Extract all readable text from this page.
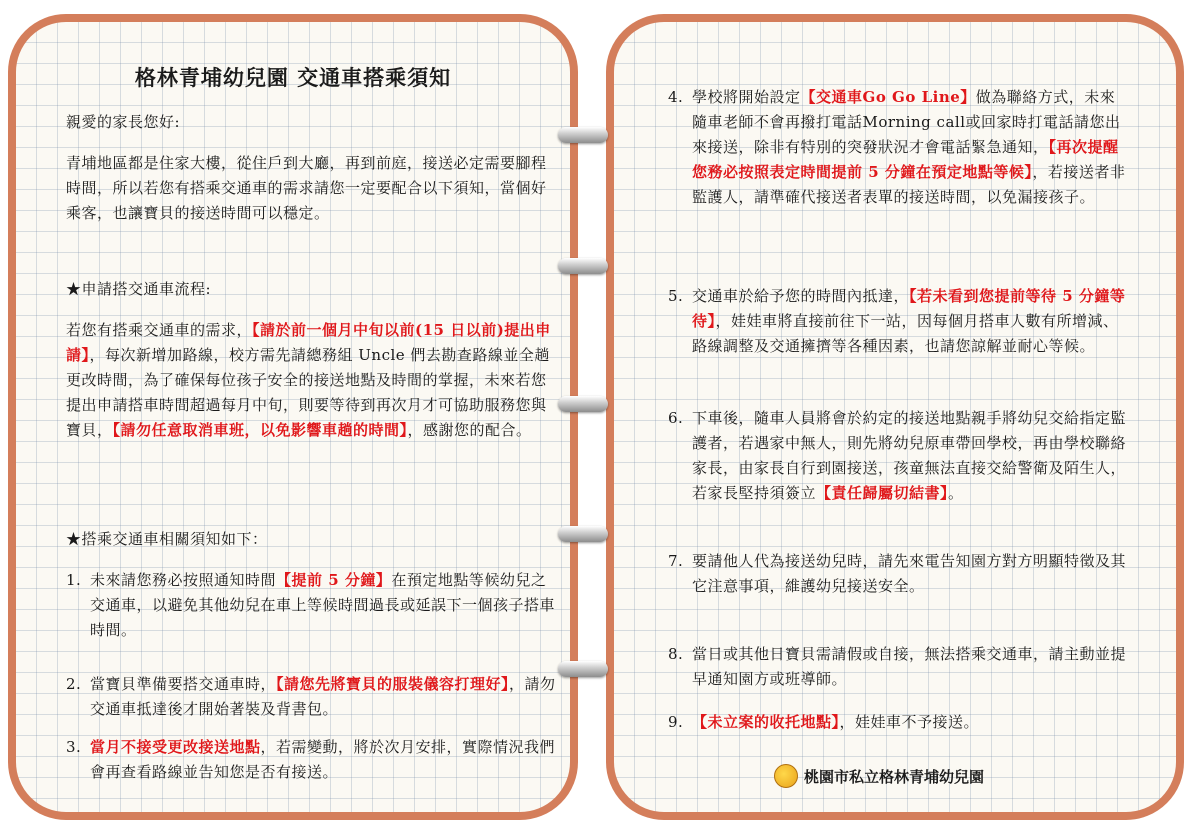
格林青埔幼兒園 交通車搭乘須知
親愛的家長您好:
青埔地區都是住家大樓，從住戶到大廳，再到前庭，接送必定需要腳程時間，所以若您有搭乘交通車的需求請您一定要配合以下須知，當個好乘客，也讓寶貝的接送時間可以穩定。
★申請搭交通車流程:
若您有搭乘交通車的需求，【請於前一個月中旬以前(15 日以前)提出申請】，每次新增加路線，校方需先請總務組 Uncle 們去勘查路線並全趟更改時間，為了確保每位孩子安全的接送地點及時間的掌握，未來若您提出申請搭車時間超過每月中旬，則要等待到再次月才可協助服務您與寶貝，【請勿任意取消車班，以免影響車趟的時間】，感謝您的配合。
★搭乘交通車相關須知如下：
1. 未來請您務必按照通知時間【提前 5 分鐘】在預定地點等候幼兒之交通車，以避免其他幼兒在車上等候時間過長或延誤下一個孩子搭車時間。
2. 當寶貝準備要搭交通車時，【請您先將寶貝的服裝儀容打理好】，請勿交通車抵達後才開始著裝及背書包。
3. 當月不接受更改接送地點，若需變動，將於次月安排，實際情況我們會再查看路線並告知您是否有接送。
4. 學校將開始設定【交通車Go Go Line】做為聯絡方式，未來隨車老師不會再撥打電話Morning call或回家時打電話請您出來接送，除非有特別的突發狀況才會電話緊急通知，【再次提醒您務必按照表定時間提前 5 分鐘在預定地點等候】，若接送者非監護人，請準確代接送者表單的接送時間，以免漏接孩子。
5. 交通車於給予您的時間內抵達，【若未看到您提前等待 5 分鐘等待】，娃娃車將直接前往下一站，因每個月搭車人數有所增減、路線調整及交通擁擠等各種因素，也請您諒解並耐心等候。
6. 下車後，隨車人員將會於約定的接送地點親手將幼兒交給指定監護者，若遇家中無人，則先將幼兒原車帶回學校，再由學校聯絡家長，由家長自行到園接送，孩童無法直接交給警衛及陌生人，若家長堅持須簽立【責任歸屬切結書】。
7. 要請他人代為接送幼兒時，請先來電告知園方對方明顯特徵及其它注意事項，維護幼兒接送安全。
8. 當日或其他日寶貝需請假或自接，無法搭乘交通車，請主動並提早通知園方或班導師。
9. 【未立案的收托地點】，娃娃車不予接送。
桃園市私立格林青埔幼兒園
